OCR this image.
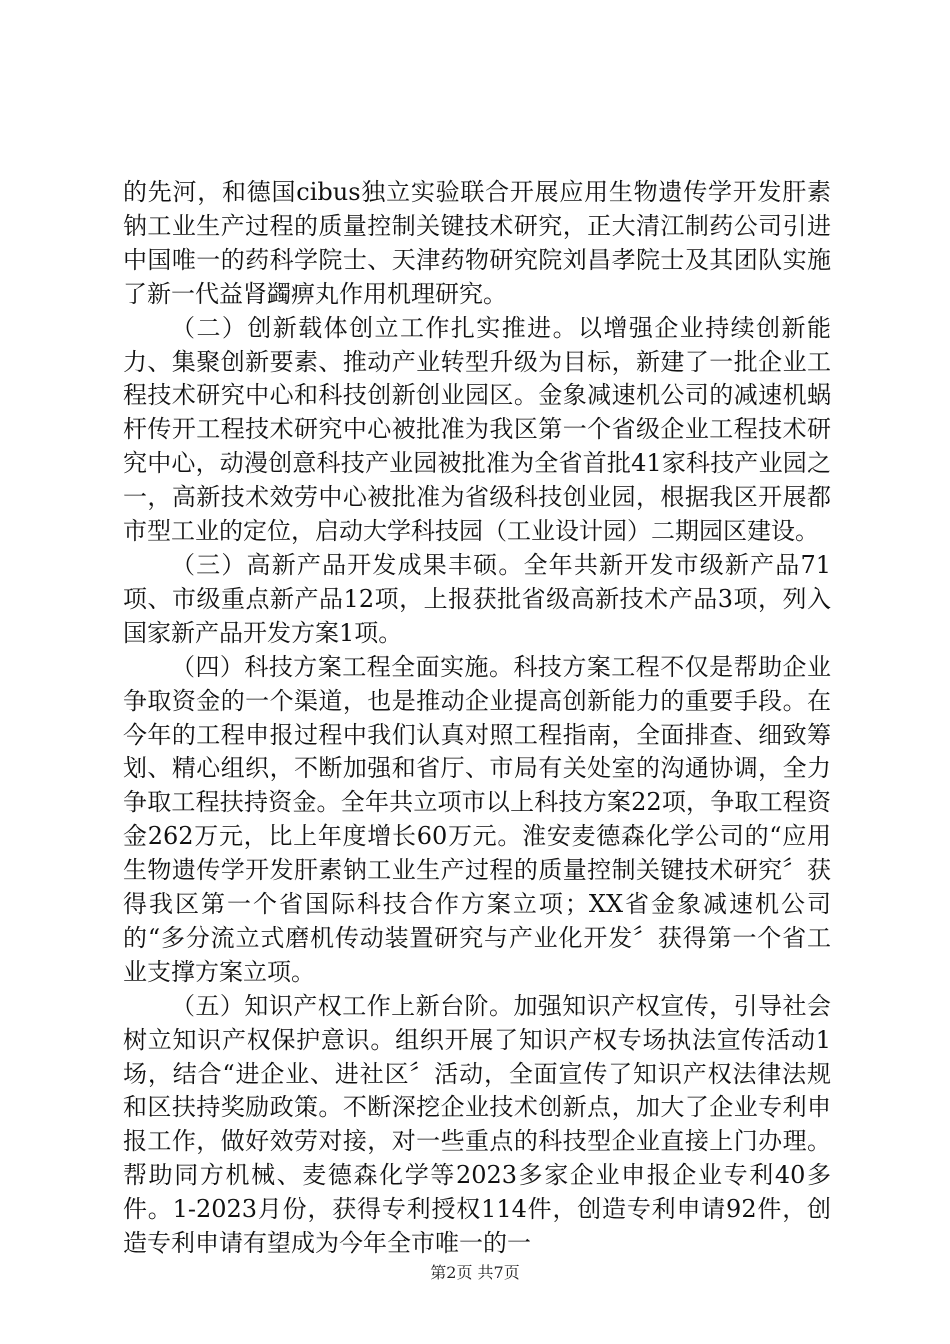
的先河，和德国cibus独立实验联合开展应用生物遗传学开发肝素钠工业生产过程的质量控制关键技术研究，正大清江制药公司引进中国唯一的药科学院士、天津药物研究院刘昌孝院士及其团队实施了新一代益肾蠲痹丸作用机理研究。

（二）创新载体创立工作扎实推进。以增强企业持续创新能力、集聚创新要素、推动产业转型升级为目标，新建了一批企业工程技术研究中心和科技创新创业园区。金象减速机公司的减速机蜗杆传开工程技术研究中心被批准为我区第一个省级企业工程技术研究中心，动漫创意科技产业园被批准为全省首批41家科技产业园之一，高新技术效劳中心被批准为省级科技创业园，根据我区开展都市型工业的定位，启动大学科技园（工业设计园）二期园区建设。

（三）高新产品开发成果丰硕。全年共新开发市级新产品71项、市级重点新产品12项，上报获批省级高新技术产品3项，列入国家新产品开发方案1项。

（四）科技方案工程全面实施。科技方案工程不仅是帮助企业争取资金的一个渠道，也是推动企业提高创新能力的重要手段。在今年的工程申报过程中我们认真对照工程指南，全面排查、细致筹划、精心组织，不断加强和省厅、市局有关处室的沟通协调，全力争取工程扶持资金。全年共立项市以上科技方案22项，争取工程资金262万元，比上年度增长60万元。淮安麦德森化学公司的“应用生物遗传学开发肝素钠工业生产过程的质量控制关键技术研究〞获得我区第一个省国际科技合作方案立项；XX省金象减速机公司的“多分流立式磨机传动装置研究与产业化开发〞获得第一个省工业支撑方案立项。

（五）知识产权工作上新台阶。加强知识产权宣传，引导社会树立知识产权保护意识。组织开展了知识产权专场执法宣传活动1场，结合“进企业、进社区〞活动，全面宣传了知识产权法律法规和区扶持奖励政策。不断深挖企业技术创新点，加大了企业专利申报工作，做好效劳对接，对一些重点的科技型企业直接上门办理。帮助同方机械、麦德森化学等2023多家企业申报企业专利40多件。1-2023月份，获得专利授权114件，创造专利申请92件，创造专利申请有望成为今年全市唯一的一

第2页 共7页
